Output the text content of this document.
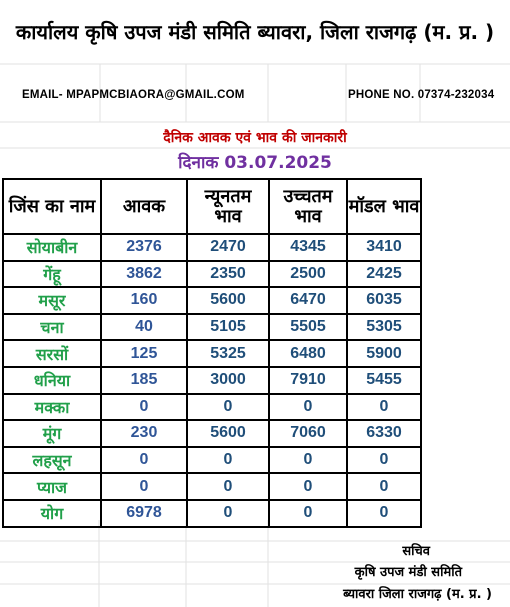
कार्यालय कृषि उपज मंडी समिति ब्यावरा, जिला राजगढ़ (म. प्र. )
EMAIL- MPAPMCBIAORA@GMAIL.COM	PHONE NO. 07374-232034
दैनिक आवक एवं भाव की जानकारी
दिनाक 03.07.2025
जिंस का नाम	आवक	न्यूनतम भाव	उच्चतम भाव	मॉडल भाव
सोयाबीन	2376	2470	4345	3410
गेंहू	3862	2350	2500	2425
मसूर	160	5600	6470	6035
चना	40	5105	5505	5305
सरसों	125	5325	6480	5900
धनिया	185	3000	7910	5455
मक्का	0	0	0	0
मूंग	230	5600	7060	6330
लहसून	0	0	0	0
प्याज	0	0	0	0
योग	6978	0	0	0
सचिव
कृषि उपज मंडी समिति
ब्यावरा जिला राजगढ़ (म. प्र. )
